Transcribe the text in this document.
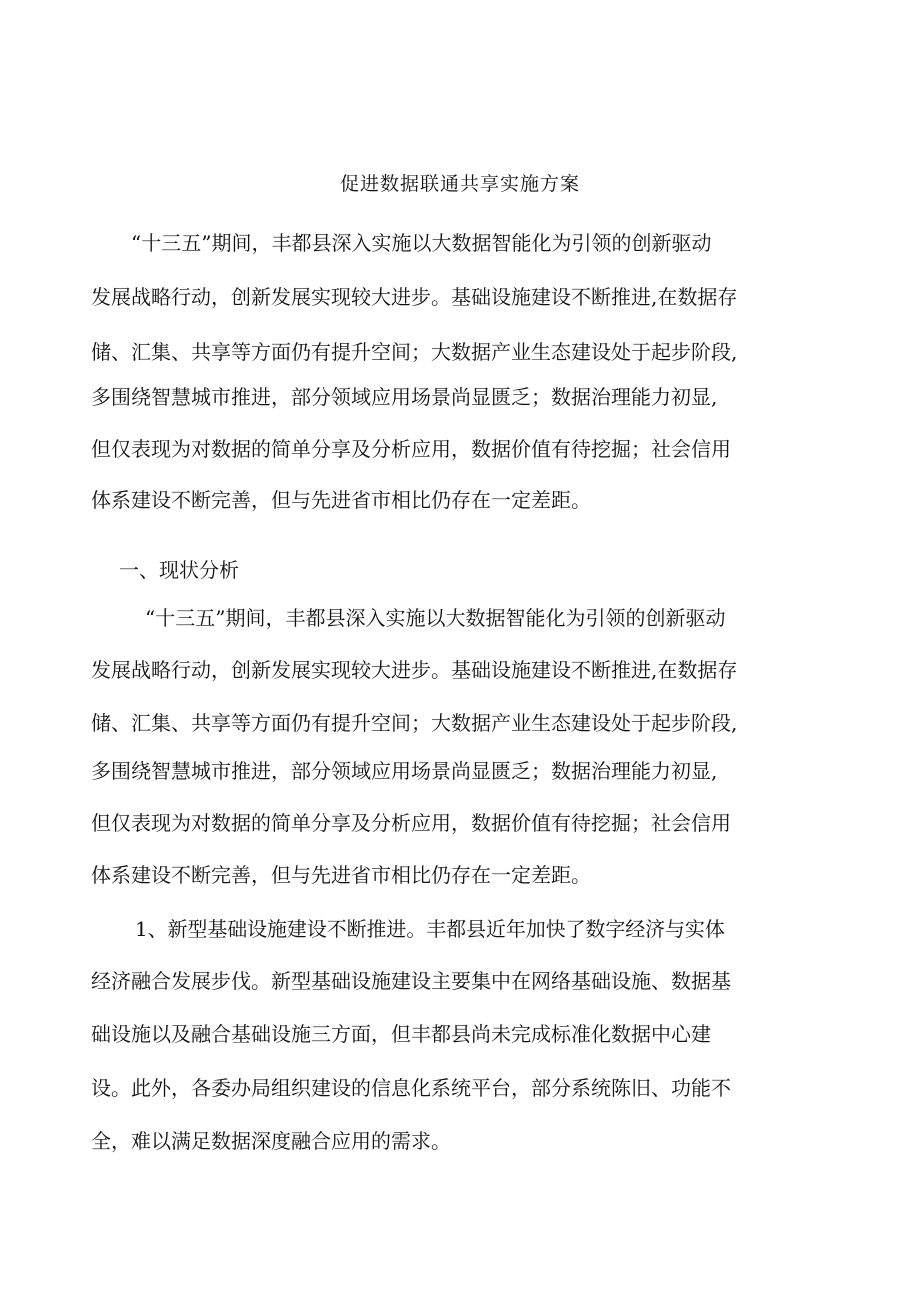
促进数据联通共享实施方案
　　“十三五”期间，丰都县深入实施以大数据智能化为引领的创新驱动
发展战略行动，创新发展实现较大进步。基础设施建设不断推进,在数据存
储、汇集、共享等方面仍有提升空间；大数据产业生态建设处于起步阶段,
多围绕智慧城市推进，部分领域应用场景尚显匮乏；数据治理能力初显,
但仅表现为对数据的简单分享及分析应用，数据价值有待挖掘；社会信用
体系建设不断完善，但与先进省市相比仍存在一定差距。
一、现状分析
　“十三五”期间，丰都县深入实施以大数据智能化为引领的创新驱动
发展战略行动，创新发展实现较大进步。基础设施建设不断推进,在数据存
储、汇集、共享等方面仍有提升空间；大数据产业生态建设处于起步阶段,
多围绕智慧城市推进，部分领域应用场景尚显匮乏；数据治理能力初显,
但仅表现为对数据的简单分享及分析应用，数据价值有待挖掘；社会信用
体系建设不断完善，但与先进省市相比仍存在一定差距。
1、新型基础设施建设不断推进。丰都县近年加快了数字经济与实体
经济融合发展步伐。新型基础设施建设主要集中在网络基础设施、数据基
础设施以及融合基础设施三方面，但丰都县尚未完成标准化数据中心建
设。此外，各委办局组织建设的信息化系统平台，部分系统陈旧、功能不
全，难以满足数据深度融合应用的需求。
